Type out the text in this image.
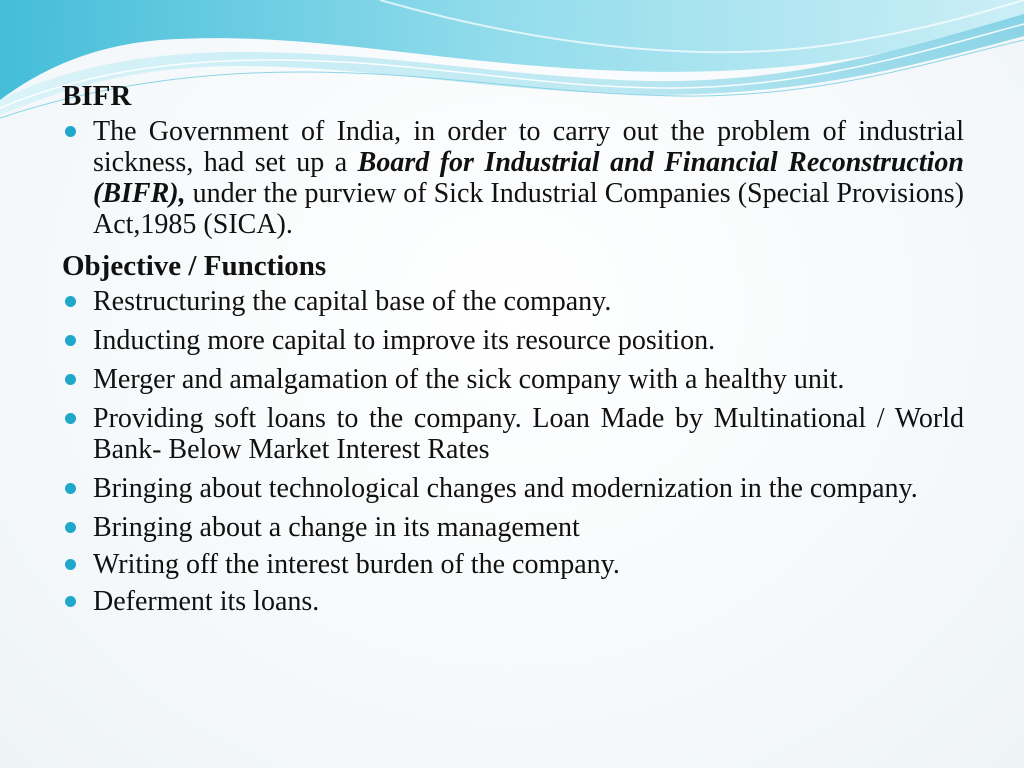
BIFR
The Government of India, in order to carry out the problem of industrial sickness, had set up a Board for Industrial and Financial Reconstruction (BIFR), under the purview of Sick Industrial Companies (Special Provisions) Act,1985 (SICA).
Objective / Functions
Restructuring the capital base of the company.
Inducting more capital to improve its resource position.
Merger and amalgamation of the sick company with a healthy unit.
Providing soft loans to the company. Loan Made by Multinational / World Bank- Below Market Interest Rates
Bringing about technological changes and modernization in the company.
Bringing about a change in its management
Writing off the interest burden of the company.
Deferment its loans.
